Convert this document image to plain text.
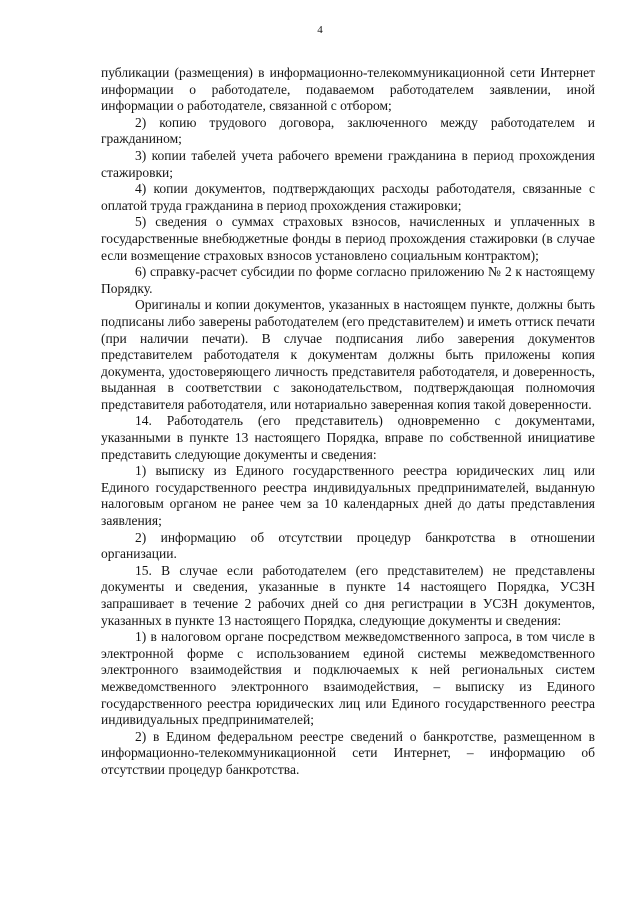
4

публикации (размещения) в информационно-телекоммуникационной сети Интернет информации о работодателе, подаваемом работодателем заявлении, иной информации о работодателе, связанной с отбором;

2) копию трудового договора, заключенного между работодателем и гражданином;

3) копии табелей учета рабочего времени гражданина в период прохождения стажировки;

4) копии документов, подтверждающих расходы работодателя, связанные с оплатой труда гражданина в период прохождения стажировки;

5) сведения о суммах страховых взносов, начисленных и уплаченных в государственные внебюджетные фонды в период прохождения стажировки (в случае если возмещение страховых взносов установлено социальным контрактом);

6) справку-расчет субсидии по форме согласно приложению № 2 к настоящему Порядку.

Оригиналы и копии документов, указанных в настоящем пункте, должны быть подписаны либо заверены работодателем (его представителем) и иметь оттиск печати (при наличии печати). В случае подписания либо заверения документов представителем работодателя к документам должны быть приложены копия документа, удостоверяющего личность представителя работодателя, и доверенность, выданная в соответствии с законодательством, подтверждающая полномочия представителя работодателя, или нотариально заверенная копия такой доверенности.

14. Работодатель (его представитель) одновременно с документами, указанными в пункте 13 настоящего Порядка, вправе по собственной инициативе представить следующие документы и сведения:

1) выписку из Единого государственного реестра юридических лиц или Единого государственного реестра индивидуальных предпринимателей, выданную налоговым органом не ранее чем за 10 календарных дней до даты представления заявления;

2) информацию об отсутствии процедур банкротства в отношении организации.

15. В случае если работодателем (его представителем) не представлены документы и сведения, указанные в пункте 14 настоящего Порядка, УСЗН запрашивает в течение 2 рабочих дней со дня регистрации в УСЗН документов, указанных в пункте 13 настоящего Порядка, следующие документы и сведения:

1) в налоговом органе посредством межведомственного запроса, в том числе в электронной форме с использованием единой системы межведомственного электронного взаимодействия и подключаемых к ней региональных систем межведомственного электронного взаимодействия, – выписку из Единого государственного реестра юридических лиц или Единого государственного реестра индивидуальных предпринимателей;

2) в Едином федеральном реестре сведений о банкротстве, размещенном в информационно-телекоммуникационной сети Интернет, – информацию об отсутствии процедур банкротства.
